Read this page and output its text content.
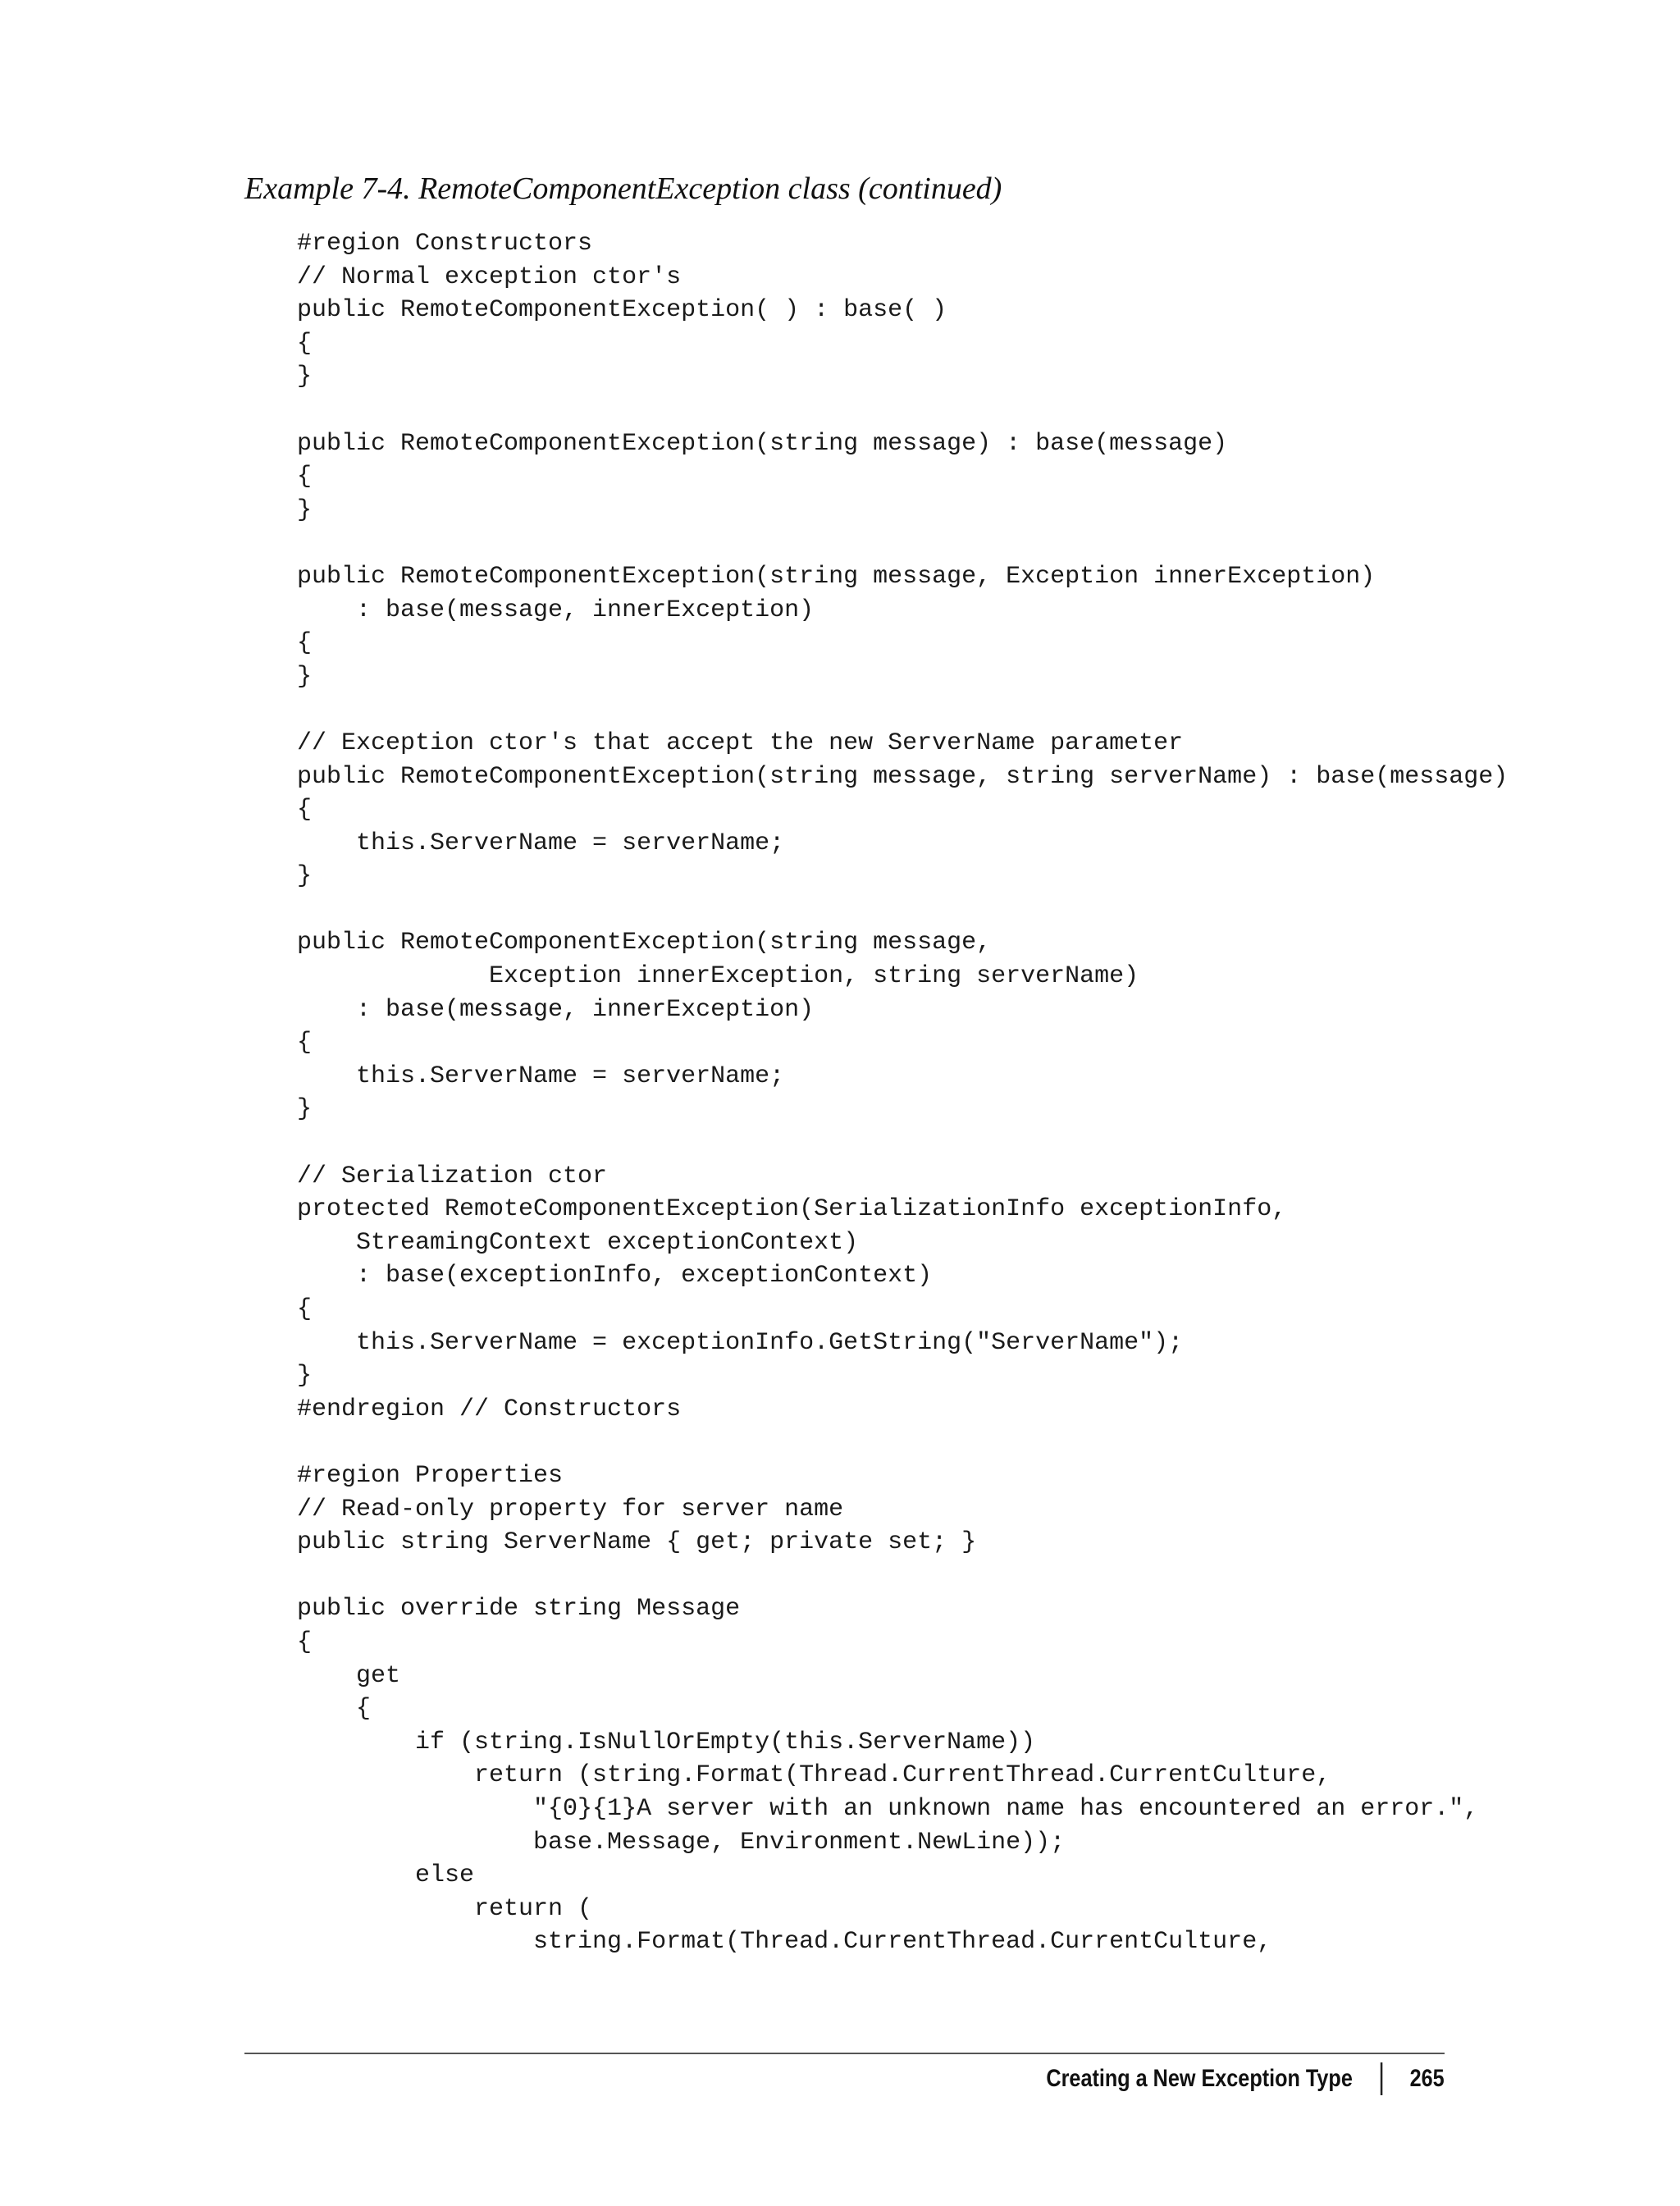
Example 7-4. RemoteComponentException class (continued)
#region Constructors
// Normal exception ctor's
public RemoteComponentException( ) : base( )
{
}
public RemoteComponentException(string message) : base(message)
{
}
public RemoteComponentException(string message, Exception innerException)
: base(message, innerException)
{
}
// Exception ctor's that accept the new ServerName parameter
public RemoteComponentException(string message, string serverName) : base(message)
{
this.ServerName = serverName;
}
public RemoteComponentException(string message,
Exception innerException, string serverName)
: base(message, innerException)
{
this.ServerName = serverName;
}
// Serialization ctor
protected RemoteComponentException(SerializationInfo exceptionInfo,
StreamingContext exceptionContext)
: base(exceptionInfo, exceptionContext)
{
this.ServerName = exceptionInfo.GetString("ServerName");
}
#endregion // Constructors
#region Properties
// Read-only property for server name
public string ServerName { get; private set; }
public override string Message
{
get
{
if (string.IsNullOrEmpty(this.ServerName))
return (string.Format(Thread.CurrentThread.CurrentCulture,
"{0}{1}A server with an unknown name has encountered an error.",
base.Message, Environment.NewLine));
else
return (
string.Format(Thread.CurrentThread.CurrentCulture,
Creating a New Exception Type 265
